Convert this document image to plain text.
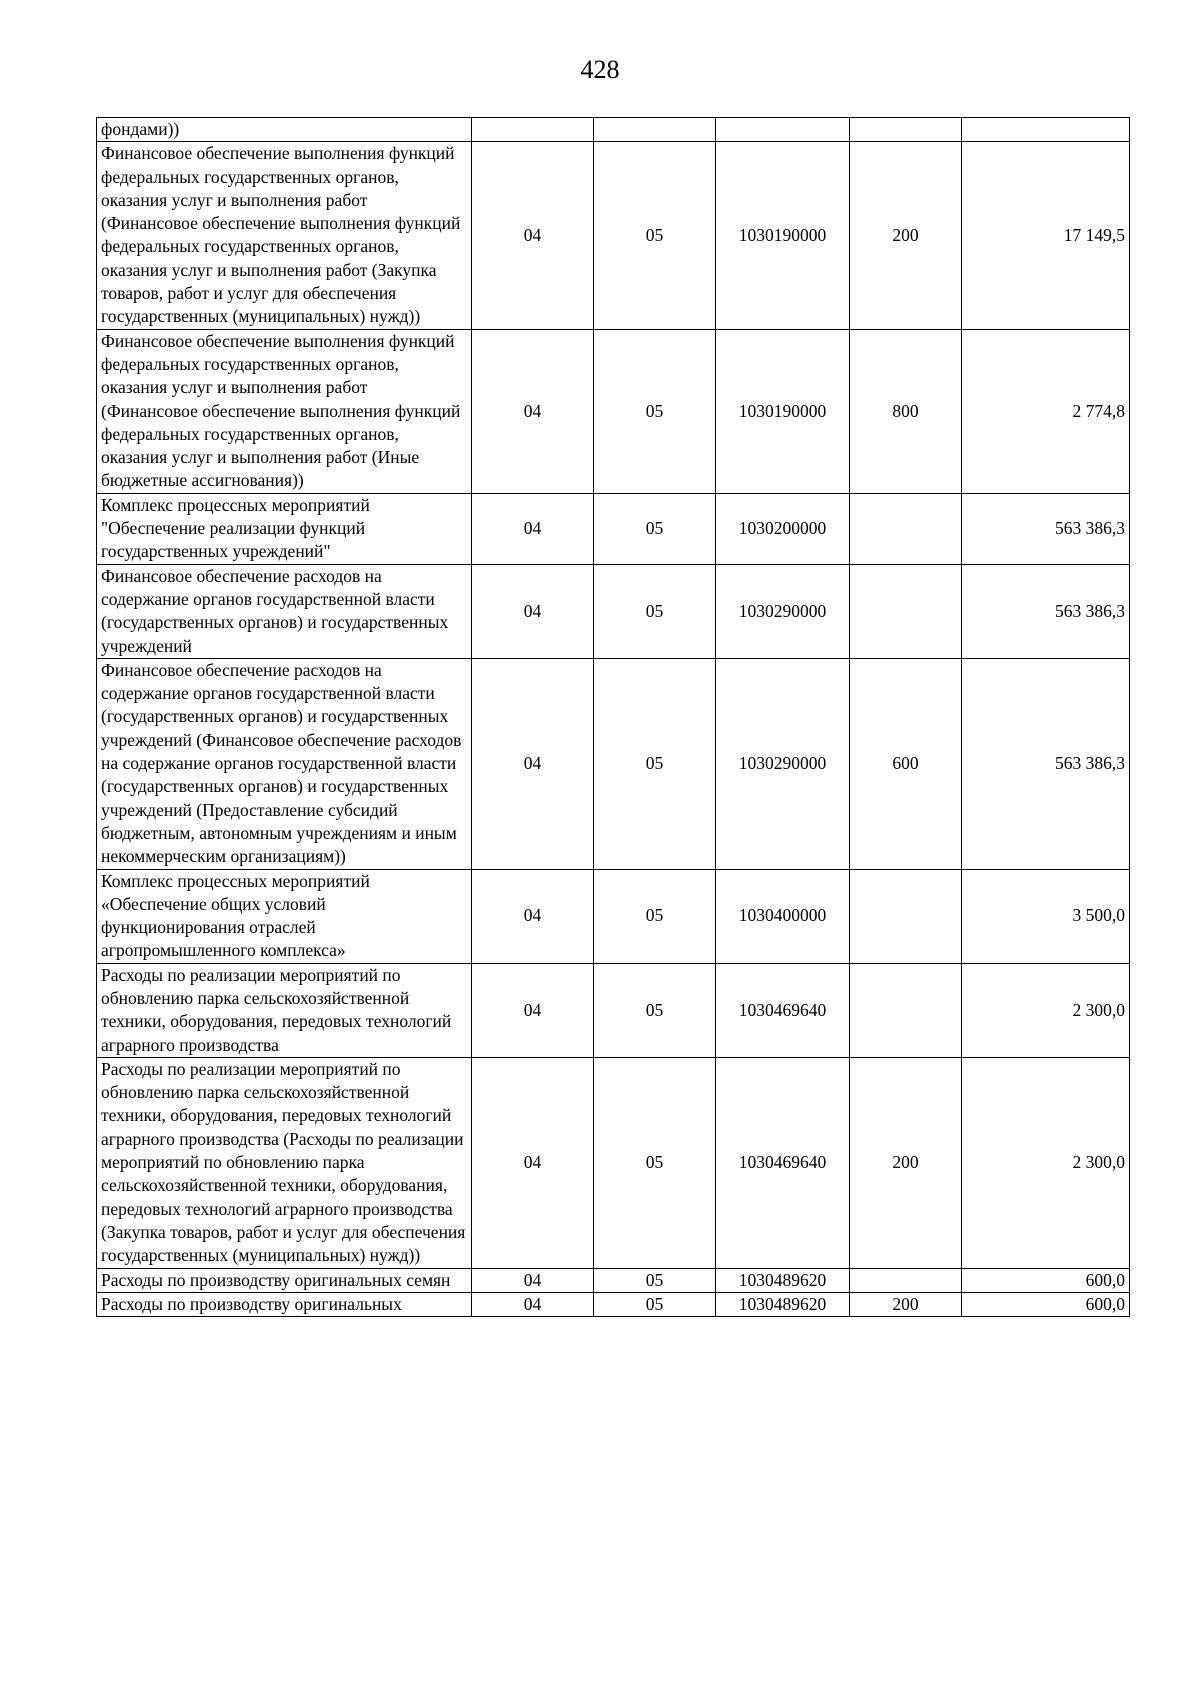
428
фондами))					
Финансовое обеспечение выполнения функций федеральных государственных органов, оказания услуг и выполнения работ (Финансовое обеспечение выполнения функций федеральных государственных органов, оказания услуг и выполнения работ (Закупка товаров, работ и услуг для обеспечения государственных (муниципальных) нужд))	04	05	1030190000	200	17 149,5
Финансовое обеспечение выполнения функций федеральных государственных органов, оказания услуг и выполнения работ (Финансовое обеспечение выполнения функций федеральных государственных органов, оказания услуг и выполнения работ (Иные бюджетные ассигнования))	04	05	1030190000	800	2 774,8
Комплекс процессных мероприятий "Обеспечение реализации функций государственных учреждений"	04	05	1030200000		563 386,3
Финансовое обеспечение расходов на содержание органов государственной власти (государственных органов) и государственных учреждений	04	05	1030290000		563 386,3
Финансовое обеспечение расходов на содержание органов государственной власти (государственных органов) и государственных учреждений (Финансовое обеспечение расходов на содержание органов государственной власти (государственных органов) и государственных учреждений (Предоставление субсидий бюджетным, автономным учреждениям и иным некоммерческим организациям))	04	05	1030290000	600	563 386,3
Комплекс процессных мероприятий «Обеспечение общих условий функционирования отраслей агропромышленного комплекса»	04	05	1030400000		3 500,0
Расходы по реализации мероприятий по обновлению парка сельскохозяйственной техники, оборудования, передовых технологий аграрного производства	04	05	1030469640		2 300,0
Расходы по реализации мероприятий по обновлению парка сельскохозяйственной техники, оборудования, передовых технологий аграрного производства (Расходы по реализации мероприятий по обновлению парка сельскохозяйственной техники, оборудования, передовых технологий аграрного производства (Закупка товаров, работ и услуг для обеспечения государственных (муниципальных) нужд))	04	05	1030469640	200	2 300,0
Расходы по производству оригинальных семян	04	05	1030489620		600,0
Расходы по производству оригинальных	04	05	1030489620	200	600,0
